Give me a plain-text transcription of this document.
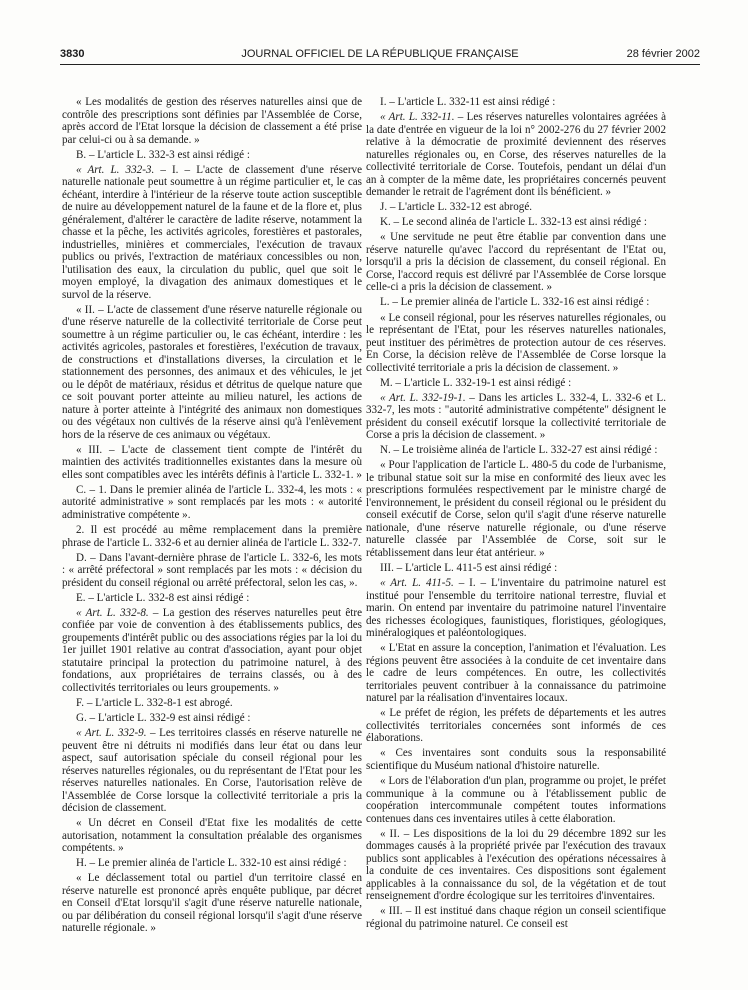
3830	JOURNAL OFFICIEL DE LA RÉPUBLIQUE FRANÇAISE	28 février 2002

« Les modalités de gestion des réserves naturelles ainsi que de contrôle des prescriptions sont définies par l'Assemblée de Corse, après accord de l'Etat lorsque la décision de classement a été prise par celui-ci ou à sa demande. »

B. – L'article L. 332-3 est ainsi rédigé :

« Art. L. 332-3. – I. – L'acte de classement d'une réserve naturelle nationale peut soumettre à un régime particulier et, le cas échéant, interdire à l'intérieur de la réserve toute action susceptible de nuire au développement naturel de la faune et de la flore et, plus généralement, d'altérer le caractère de ladite réserve, notamment la chasse et la pêche, les activités agricoles, forestières et pastorales, industrielles, minières et commerciales, l'exécution de travaux publics ou privés, l'extraction de matériaux concessibles ou non, l'utilisation des eaux, la circulation du public, quel que soit le moyen employé, la divagation des animaux domestiques et le survol de la réserve.

« II. – L'acte de classement d'une réserve naturelle régionale ou d'une réserve naturelle de la collectivité territoriale de Corse peut soumettre à un régime particulier ou, le cas échéant, interdire : les activités agricoles, pastorales et forestières, l'exécution de travaux, de constructions et d'installations diverses, la circulation et le stationnement des personnes, des animaux et des véhicules, le jet ou le dépôt de matériaux, résidus et détritus de quelque nature que ce soit pouvant porter atteinte au milieu naturel, les actions de nature à porter atteinte à l'intégrité des animaux non domestiques ou des végétaux non cultivés de la réserve ainsi qu'à l'enlèvement hors de la réserve de ces animaux ou végétaux.

« III. – L'acte de classement tient compte de l'intérêt du maintien des activités traditionnelles existantes dans la mesure où elles sont compatibles avec les intérêts définis à l'article L. 332-1. »

C. – 1. Dans le premier alinéa de l'article L. 332-4, les mots : « autorité administrative » sont remplacés par les mots : « autorité administrative compétente ».

2. Il est procédé au même remplacement dans la première phrase de l'article L. 332-6 et au dernier alinéa de l'article L. 332-7.

D. – Dans l'avant-dernière phrase de l'article L. 332-6, les mots : « arrêté préfectoral » sont remplacés par les mots : « décision du président du conseil régional ou arrêté préfectoral, selon les cas, ».

E. – L'article L. 332-8 est ainsi rédigé :

« Art. L. 332-8. – La gestion des réserves naturelles peut être confiée par voie de convention à des établissements publics, des groupements d'intérêt public ou des associations régies par la loi du 1er juillet 1901 relative au contrat d'association, ayant pour objet statutaire principal la protection du patrimoine naturel, à des fondations, aux propriétaires de terrains classés, ou à des collectivités territoriales ou leurs groupements. »

F. – L'article L. 332-8-1 est abrogé.

G. – L'article L. 332-9 est ainsi rédigé :

« Art. L. 332-9. – Les territoires classés en réserve naturelle ne peuvent être ni détruits ni modifiés dans leur état ou dans leur aspect, sauf autorisation spéciale du conseil régional pour les réserves naturelles régionales, ou du représentant de l'Etat pour les réserves naturelles nationales. En Corse, l'autorisation relève de l'Assemblée de Corse lorsque la collectivité territoriale a pris la décision de classement.

« Un décret en Conseil d'Etat fixe les modalités de cette autorisation, notamment la consultation préalable des organismes compétents. »

H. – Le premier alinéa de l'article L. 332-10 est ainsi rédigé :

« Le déclassement total ou partiel d'un territoire classé en réserve naturelle est prononcé après enquête publique, par décret en Conseil d'Etat lorsqu'il s'agit d'une réserve naturelle nationale, ou par délibération du conseil régional lorsqu'il s'agit d'une réserve naturelle régionale. »

I. – L'article L. 332-11 est ainsi rédigé :

« Art. L. 332-11. – Les réserves naturelles volontaires agréées à la date d'entrée en vigueur de la loi n° 2002-276 du 27 février 2002 relative à la démocratie de proximité deviennent des réserves naturelles régionales ou, en Corse, des réserves naturelles de la collectivité territoriale de Corse. Toutefois, pendant un délai d'un an à compter de la même date, les propriétaires concernés peuvent demander le retrait de l'agrément dont ils bénéficient. »

J. – L'article L. 332-12 est abrogé.

K. – Le second alinéa de l'article L. 332-13 est ainsi rédigé :

« Une servitude ne peut être établie par convention dans une réserve naturelle qu'avec l'accord du représentant de l'Etat ou, lorsqu'il a pris la décision de classement, du conseil régional. En Corse, l'accord requis est délivré par l'Assemblée de Corse lorsque celle-ci a pris la décision de classement. »

L. – Le premier alinéa de l'article L. 332-16 est ainsi rédigé :

« Le conseil régional, pour les réserves naturelles régionales, ou le représentant de l'Etat, pour les réserves naturelles nationales, peut instituer des périmètres de protection autour de ces réserves. En Corse, la décision relève de l'Assemblée de Corse lorsque la collectivité territoriale a pris la décision de classement. »

M. – L'article L. 332-19-1 est ainsi rédigé :

« Art. L. 332-19-1. – Dans les articles L. 332-4, L. 332-6 et L. 332-7, les mots : "autorité administrative compétente" désignent le président du conseil exécutif lorsque la collectivité territoriale de Corse a pris la décision de classement. »

N. – Le troisième alinéa de l'article L. 332-27 est ainsi rédigé :

« Pour l'application de l'article L. 480-5 du code de l'urbanisme, le tribunal statue soit sur la mise en conformité des lieux avec les prescriptions formulées respectivement par le ministre chargé de l'environnement, le président du conseil régional ou le président du conseil exécutif de Corse, selon qu'il s'agit d'une réserve naturelle nationale, d'une réserve naturelle régionale, ou d'une réserve naturelle classée par l'Assemblée de Corse, soit sur le rétablissement dans leur état antérieur. »

III. – L'article L. 411-5 est ainsi rédigé :

« Art. L. 411-5. – I. – L'inventaire du patrimoine naturel est institué pour l'ensemble du territoire national terrestre, fluvial et marin. On entend par inventaire du patrimoine naturel l'inventaire des richesses écologiques, faunistiques, floristiques, géologiques, minéralogiques et paléontologiques.

« L'Etat en assure la conception, l'animation et l'évaluation. Les régions peuvent être associées à la conduite de cet inventaire dans le cadre de leurs compétences. En outre, les collectivités territoriales peuvent contribuer à la connaissance du patrimoine naturel par la réalisation d'inventaires locaux.

« Le préfet de région, les préfets de départements et les autres collectivités territoriales concernées sont informés de ces élaborations.

« Ces inventaires sont conduits sous la responsabilité scientifique du Muséum national d'histoire naturelle.

« Lors de l'élaboration d'un plan, programme ou projet, le préfet communique à la commune ou à l'établissement public de coopération intercommunale compétent toutes informations contenues dans ces inventaires utiles à cette élaboration.

« II. – Les dispositions de la loi du 29 décembre 1892 sur les dommages causés à la propriété privée par l'exécution des travaux publics sont applicables à l'exécution des opérations nécessaires à la conduite de ces inventaires. Ces dispositions sont également applicables à la connaissance du sol, de la végétation et de tout renseignement d'ordre écologique sur les territoires d'inventaires.

« III. – Il est institué dans chaque région un conseil scientifique régional du patrimoine naturel. Ce conseil est
